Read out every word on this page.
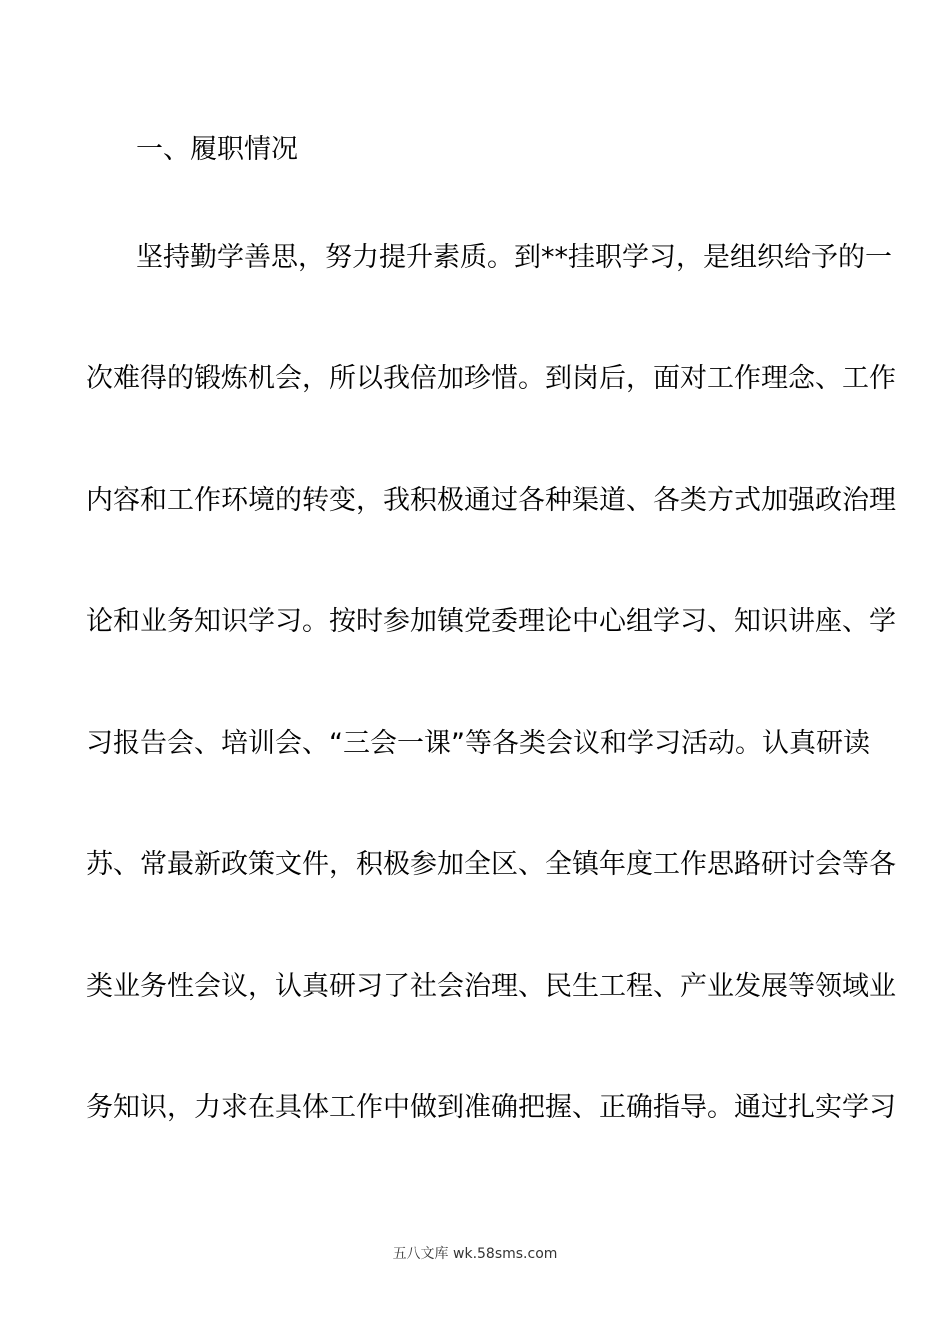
一、履职情况
坚持勤学善思，努力提升素质。到**挂职学习，是组织给予的一
次难得的锻炼机会，所以我倍加珍惜。到岗后，面对工作理念、工作
内容和工作环境的转变，我积极通过各种渠道、各类方式加强政治理
论和业务知识学习。按时参加镇党委理论中心组学习、知识讲座、学
习报告会、培训会、“三会一课”等各类会议和学习活动。认真研读
苏、常最新政策文件，积极参加全区、全镇年度工作思路研讨会等各
类业务性会议，认真研习了社会治理、民生工程、产业发展等领域业
务知识，力求在具体工作中做到准确把握、正确指导。通过扎实学习
五八文库 wk.58sms.com
